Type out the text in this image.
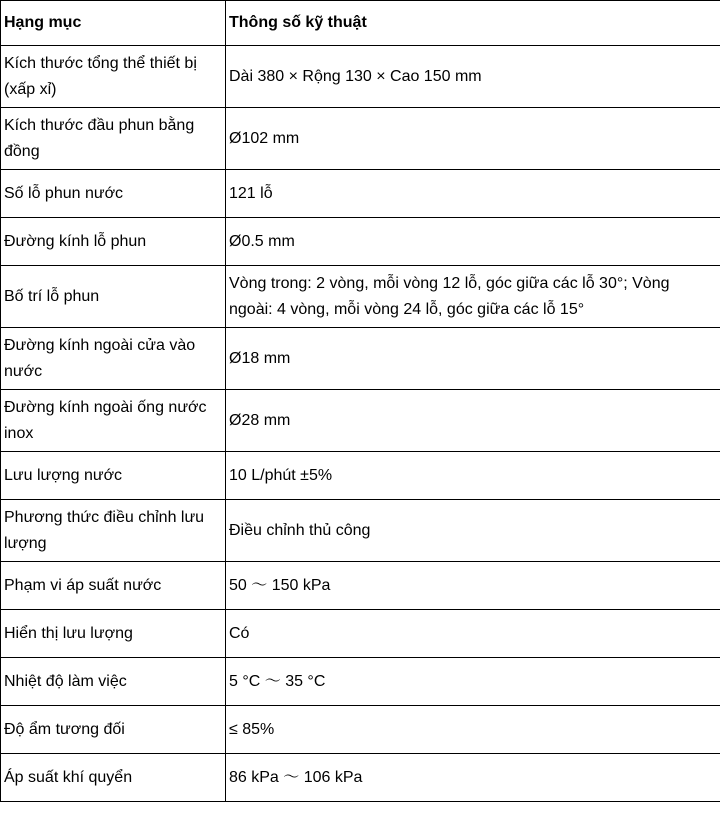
Hạng mục	Thông số kỹ thuật
Kích thước tổng thể thiết bị (xấp xỉ)	Dài 380 × Rộng 130 × Cao 150 mm
Kích thước đầu phun bằng đồng	Ø102 mm
Số lỗ phun nước	121 lỗ
Đường kính lỗ phun	Ø0.5 mm
Bố trí lỗ phun	Vòng trong: 2 vòng, mỗi vòng 12 lỗ, góc giữa các lỗ 30°; Vòng ngoài: 4 vòng, mỗi vòng 24 lỗ, góc giữa các lỗ 15°
Đường kính ngoài cửa vào nước	Ø18 mm
Đường kính ngoài ống nước inox	Ø28 mm
Lưu lượng nước	10 L/phút ±5%
Phương thức điều chỉnh lưu lượng	Điều chỉnh thủ công
Phạm vi áp suất nước	50 ～ 150 kPa
Hiển thị lưu lượng	Có
Nhiệt độ làm việc	5 °C ～ 35 °C
Độ ẩm tương đối	≤ 85%
Áp suất khí quyển	86 kPa ～ 106 kPa
